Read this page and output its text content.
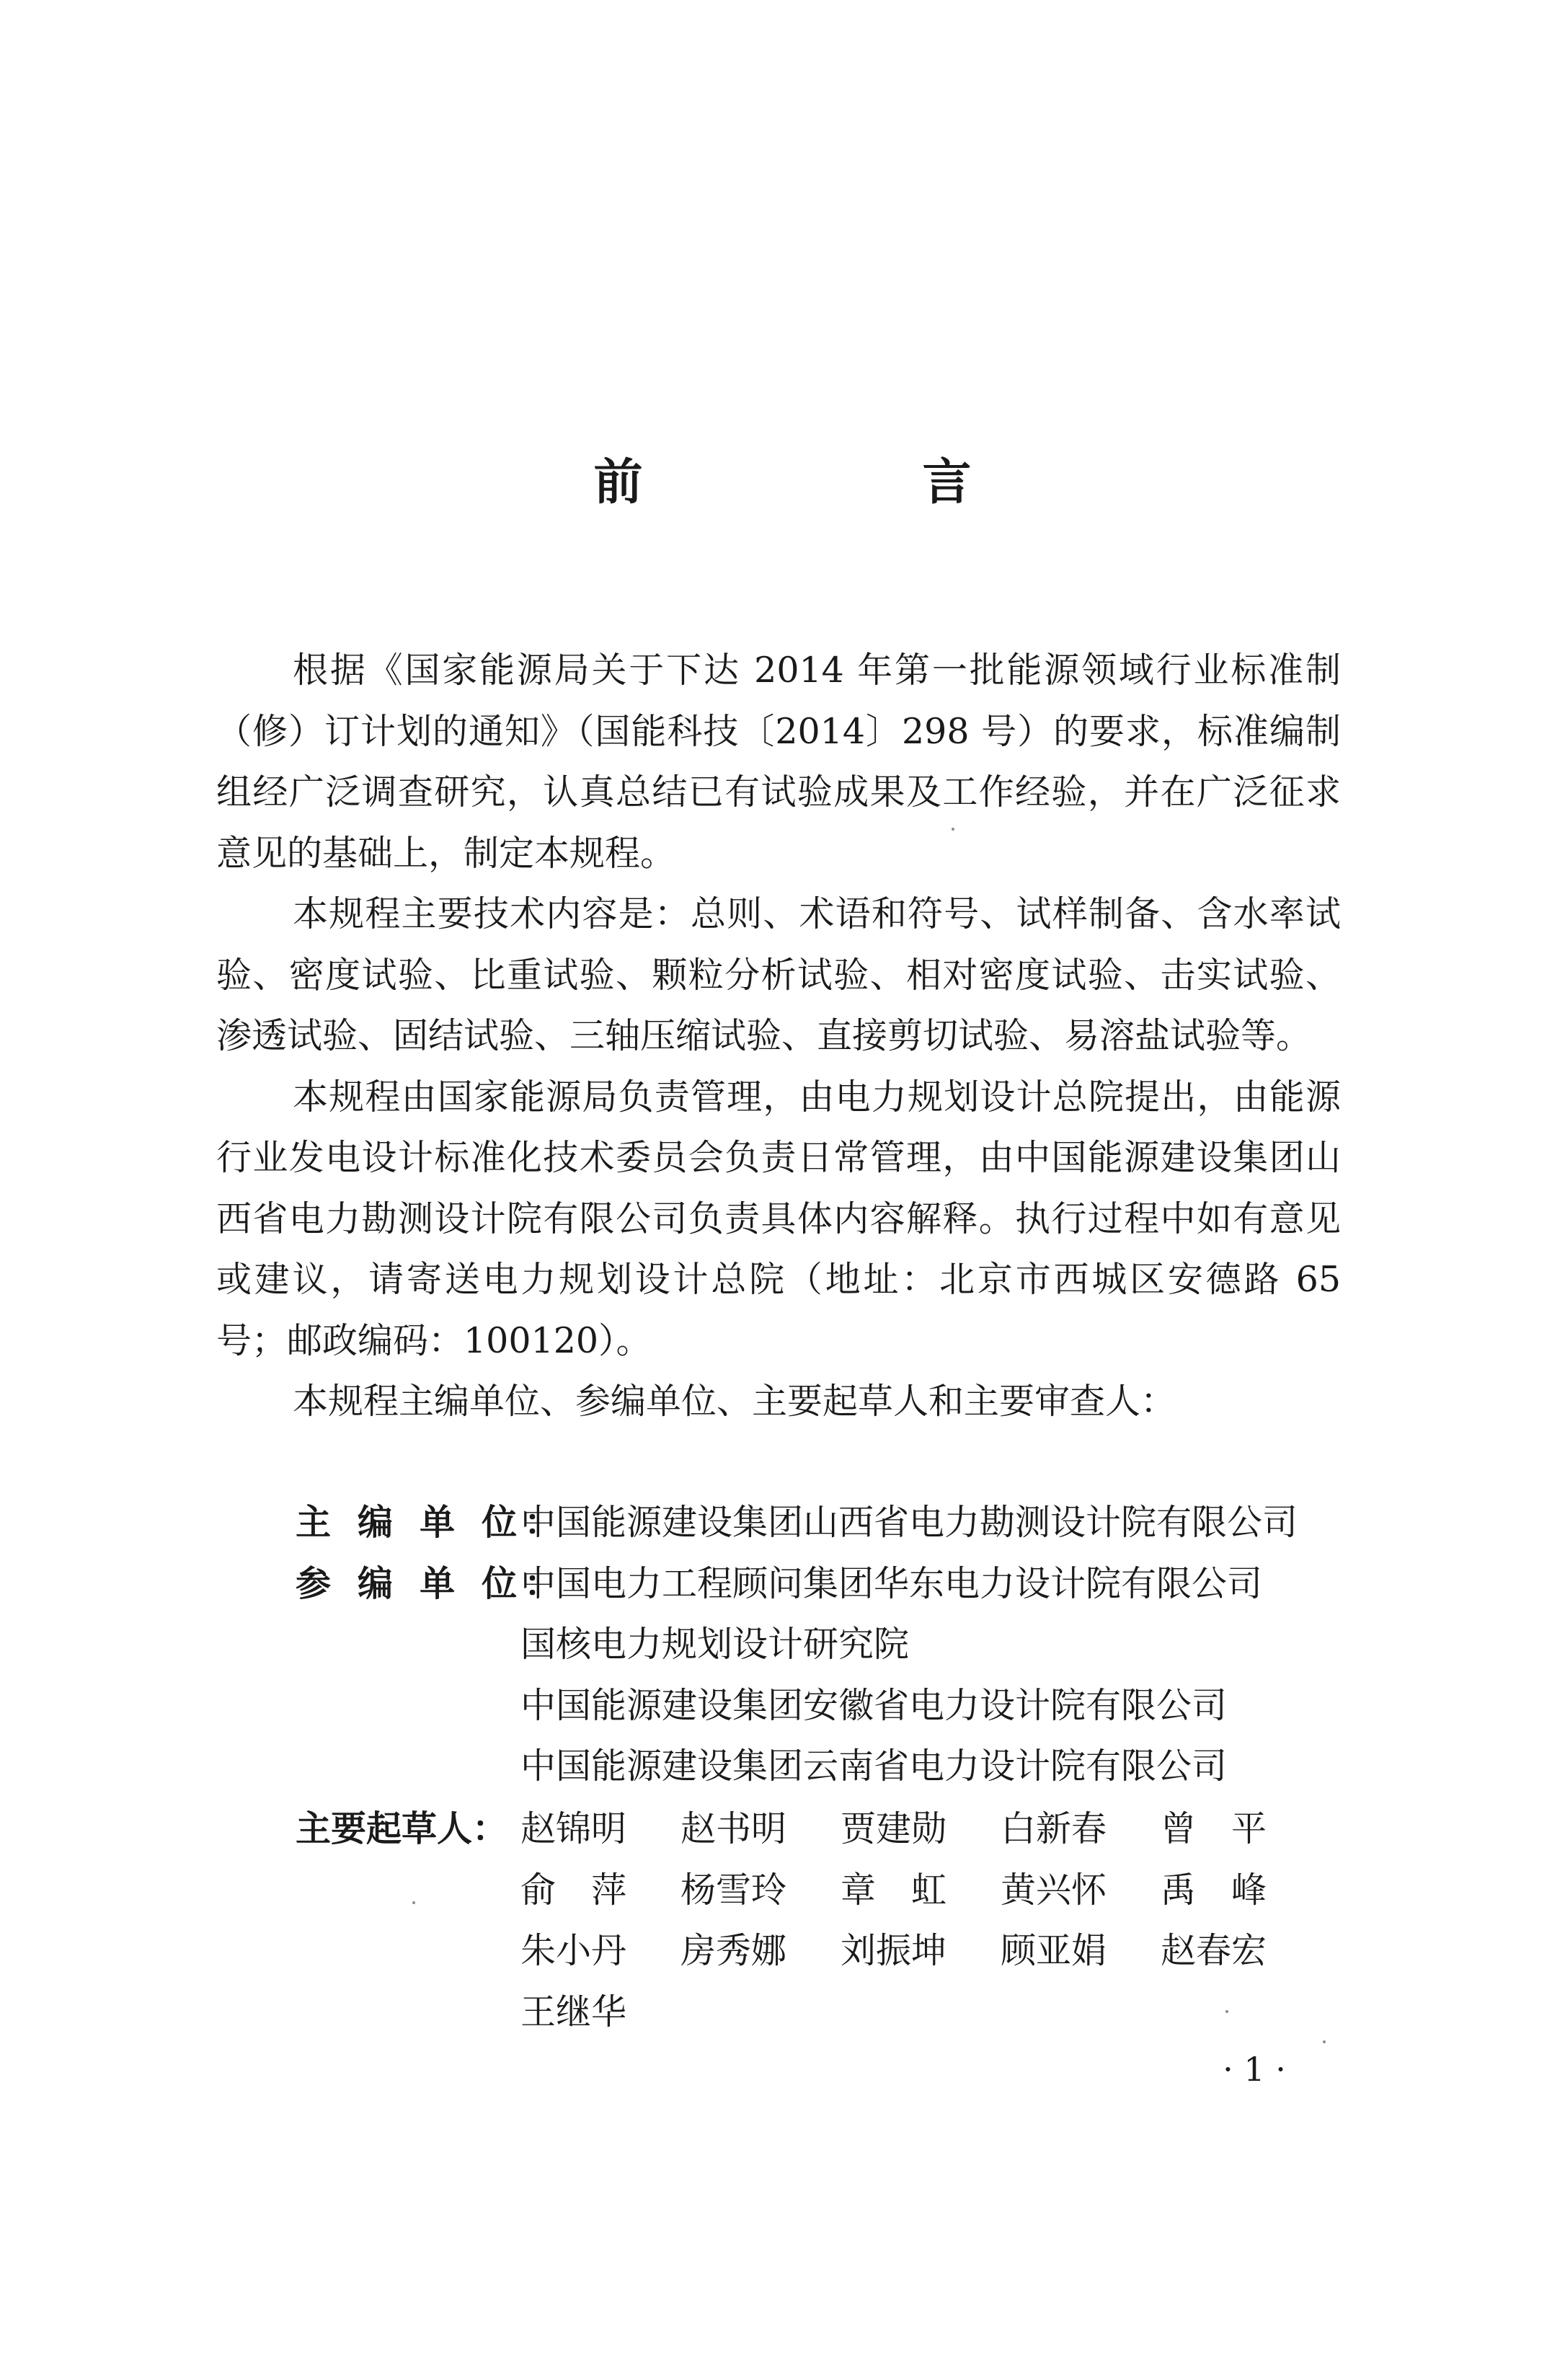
前　言

根据《国家能源局关于下达 2014 年第一批能源领域行业标准制（修）订计划的通知》（国能科技〔2014〕298 号）的要求，标准编制组经广泛调查研究，认真总结已有试验成果及工作经验，并在广泛征求意见的基础上，制定本规程。

本规程主要技术内容是：总则、术语和符号、试样制备、含水率试验、密度试验、比重试验、颗粒分析试验、相对密度试验、击实试验、渗透试验、固结试验、三轴压缩试验、直接剪切试验、易溶盐试验等。

本规程由国家能源局负责管理，由电力规划设计总院提出，由能源行业发电设计标准化技术委员会负责日常管理，由中国能源建设集团山西省电力勘测设计院有限公司负责具体内容解释。执行过程中如有意见或建议，请寄送电力规划设计总院（地址：北京市西城区安德路 65 号；邮政编码：100120）。

本规程主编单位、参编单位、主要起草人和主要审查人：

主 编 单 位：
中国能源建设集团山西省电力勘测设计院有限公司
参 编 单 位：
中国电力工程顾问集团华东电力设计院有限公司
国核电力规划设计研究院
中国能源建设集团安徽省电力设计院有限公司
中国能源建设集团云南省电力设计院有限公司
主要起草人： 赵锦明	赵书明	贾建勋	白新春	曾　平
俞　萍	杨雪玲	章　虹	黄兴怀	禹　峰
朱小丹	房秀娜	刘振坤	顾亚娟	赵春宏
王继华
· 1 ·
